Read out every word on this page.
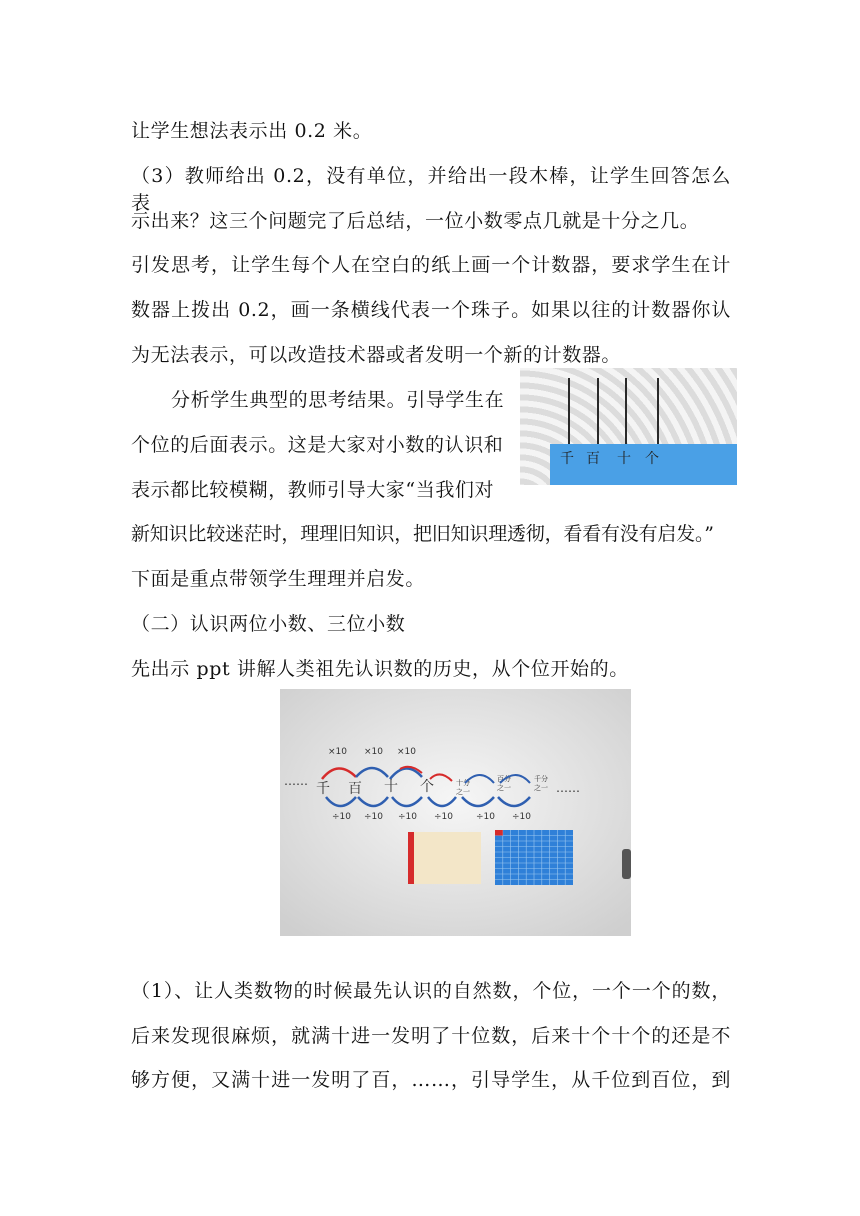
让学生想法表示出 0.2 米。
（3）教师给出 0.2，没有单位，并给出一段木棒，让学生回答怎么表
示出来？这三个问题完了后总结，一位小数零点几就是十分之几。
引发思考，让学生每个人在空白的纸上画一个计数器，要求学生在计
数器上拨出 0.2，画一条横线代表一个珠子。如果以往的计数器你认
为无法表示，可以改造技术器或者发明一个新的计数器。
分析学生典型的思考结果。引导学生在
个位的后面表示。这是大家对小数的认识和
表示都比较模糊，教师引导大家“当我们对
新知识比较迷茫时，理理旧知识，把旧知识理透彻，看看有没有启发。”
下面是重点带领学生理理并启发。
（二）认识两位小数、三位小数
先出示 ppt 讲解人类祖先认识数的历史，从个位开始的。
千 百 十 个
……	……
×10 ×10 ×10
千 百 十 个	十分
之一
百分
之一
千分
之一
÷10 ÷10 ÷10 ÷10	÷10 ÷10
（1）、让人类数物的时候最先认识的自然数，个位，一个一个的数，
后来发现很麻烦，就满十进一发明了十位数，后来十个十个的还是不
够方便，又满十进一发明了百，……，引导学生，从千位到百位，到
